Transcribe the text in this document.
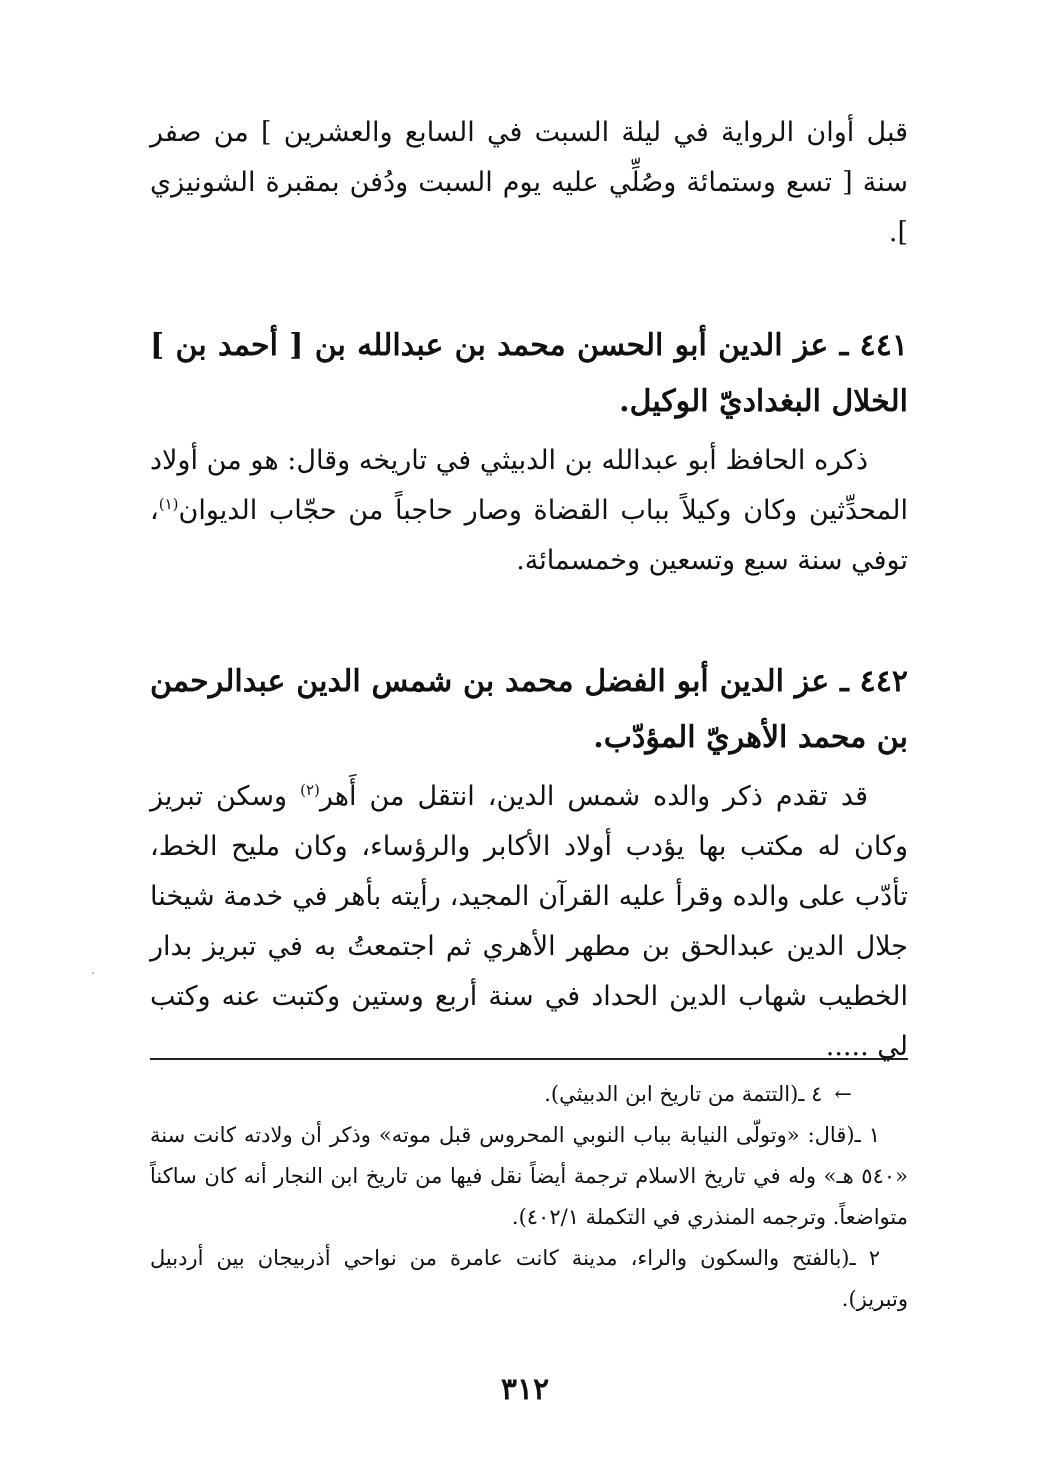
قبل أوان الرواية في ليلة السبت في السابع والعشرين ] من صفر سنة [ تسع وستمائة وصُلِّي عليه يوم السبت ودُفن بمقبرة الشونيزي ].

٤٤١ ـ عز الدين أبو الحسن محمد بن عبدالله بن [ أحمد بن ] الخلال البغداديّ الوكيل.

ذكره الحافظ أبو عبدالله بن الدبيثي في تاريخه وقال: هو من أولاد المحدِّثين وكان وكيلاً بباب القضاة وصار حاجباً من حجّاب الديوان$^{(١)}$، توفي سنة سبع وتسعين وخمسمائة.

٤٤٢ ـ عز الدين أبو الفضل محمد بن شمس الدين عبدالرحمن بن محمد الأهريّ المؤدّب.

قد تقدم ذكر والده شمس الدين، انتقل من أَهر$^{(٢)}$ وسكن تبريز وكان له مكتب بها يؤدب أولاد الأكابر والرؤساء، وكان مليح الخط، تأدّب على والده وقرأ عليه القرآن المجيد، رأيته بأهر في خدمة شيخنا جلال الدين عبدالحق بن مطهر الأهري ثم اجتمعتُ به في تبريز بدار الخطيب شهاب الدين الحداد في سنة أربع وستين وكتبت عنه وكتب لي .....

←٤ ـ(التتمة من تاريخ ابن الدبيثي).

١ ـ(قال: «وتولّى النيابة بباب النوبي المحروس قبل موته» وذكر أن ولادته كانت سنة «٥٤٠ هـ» وله في تاريخ الاسلام ترجمة أيضاً نقل فيها من تاريخ ابن النجار أنه كان ساكناً متواضعاً. وترجمه المنذري في التكملة ٤٠٢/١).

٢ ـ(بالفتح والسكون والراء، مدينة كانت عامرة من نواحي أذربيجان بين أردبيل وتبريز).

٣١٢
